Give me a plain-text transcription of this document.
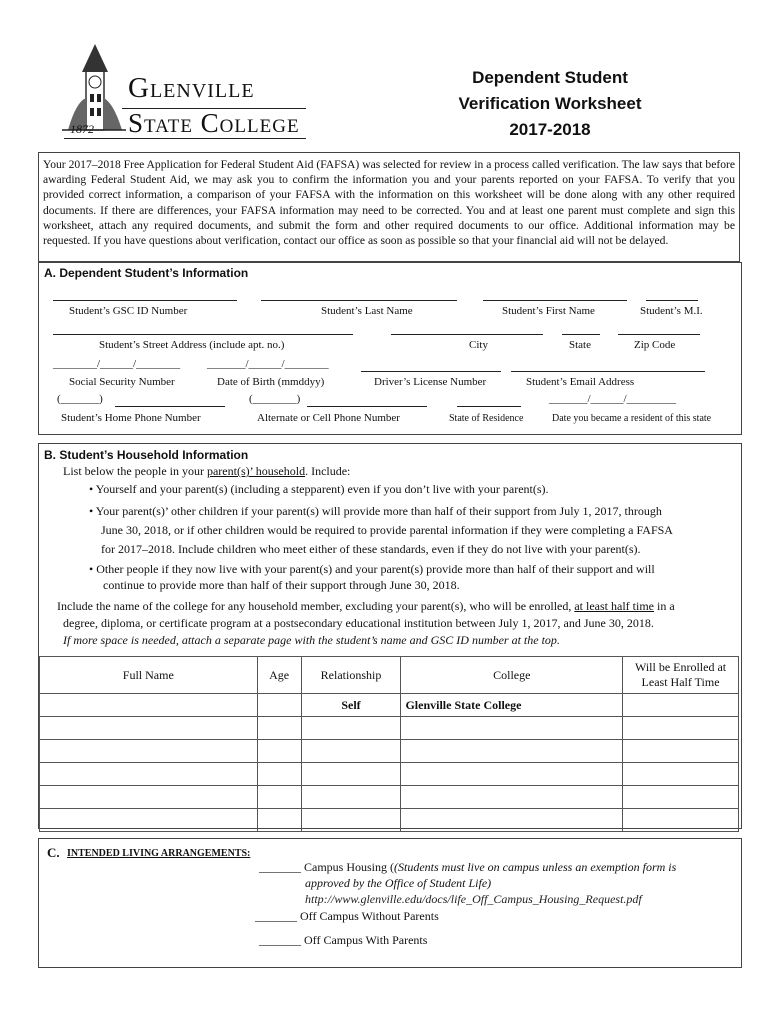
Glenville
State College
1872
Dependent Student
Verification Worksheet
2017-2018
Your 2017–2018 Free Application for Federal Student Aid (FAFSA) was selected for review in a process called verification. The law says that before awarding Federal Student Aid, we may ask you to confirm the information you and your parents reported on your FAFSA. To verify that you provided correct information, a comparison of your FAFSA with the information on this worksheet will be done along with any other required documents. If there are differences, your FAFSA information may need to be corrected. You and at least one parent must complete and sign this worksheet, attach any required documents, and submit the form and other required documents to our office. Additional information may be requested. If you have questions about verification, contact our office as soon as possible so that your financial aid will not be delayed.
A. Dependent Student’s Information
Student’s GSC ID Number	Student’s Last Name	Student’s First Name	Student’s M.I.
Student’s Street Address (include apt. no.)	City	State	Zip Code
________/______/________ _______/______/________
Social Security Number	Date of Birth (mmddyy)	Driver’s License Number	Student’s Email Address
(_______)	(________)	_______/______/_________
Student’s Home Phone Number	Alternate or Cell Phone Number	State of Residence	Date you became a resident of this state
B. Student’s Household Information
List below the people in your parent(s)’ household. Include:
• Yourself and your parent(s) (including a stepparent) even if you don’t live with your parent(s).
• Your parent(s)’ other children if your parent(s) will provide more than half of their support from July 1, 2017, through
June 30, 2018, or if other children would be required to provide parental information if they were completing a FAFSA
for 2017–2018. Include children who meet either of these standards, even if they do not live with your parent(s).
• Other people if they now live with your parent(s) and your parent(s) provide more than half of their support and will
continue to provide more than half of their support through June 30, 2018.
Include the name of the college for any household member, excluding your parent(s), who will be enrolled, at least half time in a
degree, diploma, or certificate program at a postsecondary educational institution between July 1, 2017, and June 30, 2018.
If more space is needed, attach a separate page with the student’s name and GSC ID number at the top.
Full Name	Age	Relationship	College	Will be Enrolled at Least Half Time
		Self	Glenville State College	

C. INTENDED LIVING ARRANGEMENTS:
_______ Campus Housing ((Students must live on campus unless an exemption form is
approved by the Office of Student Life)
http://www.glenville.edu/docs/life_Off_Campus_Housing_Request.pdf
_______ Off Campus Without Parents
_______ Off Campus With Parents
